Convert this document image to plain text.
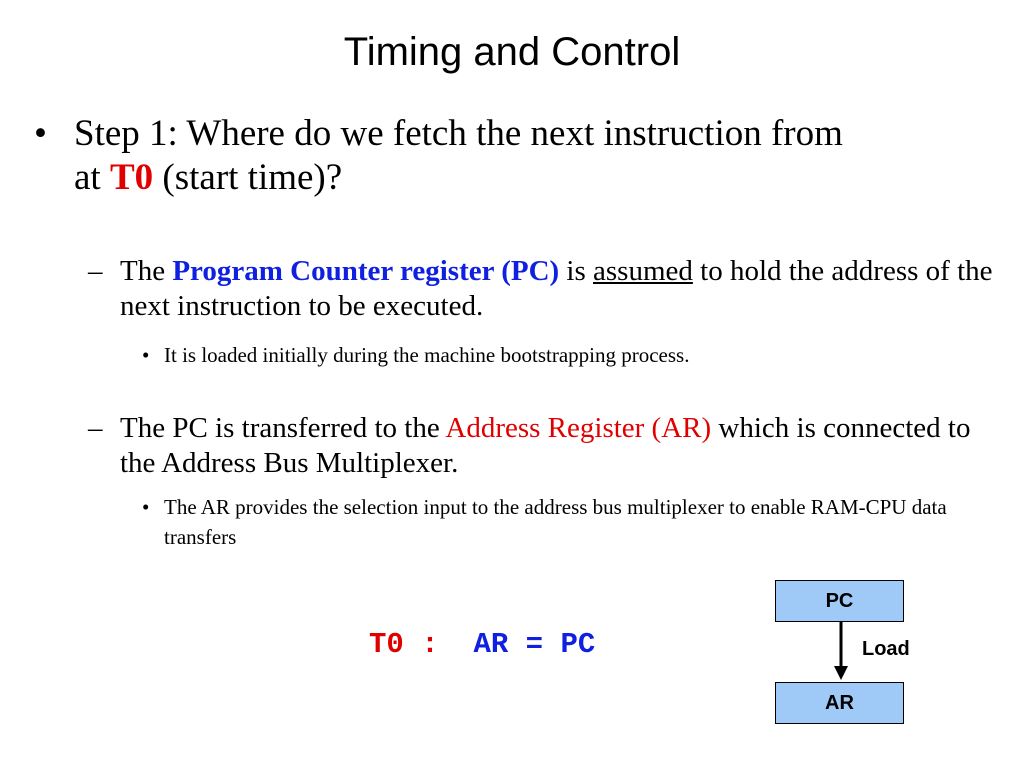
Timing and Control
• Step 1: Where do we fetch the next instruction from
at T0 (start time)?
– The Program Counter register (PC) is assumed to hold the address of the next instruction to be executed.
• It is loaded initially during the machine bootstrapping process.
– The PC is transferred to the Address Register (AR) which is connected to the Address Bus Multiplexer.
• The AR provides the selection input to the address bus multiplexer to enable RAM-CPU data transfers
T0 : AR = PC
PC
Load
AR
